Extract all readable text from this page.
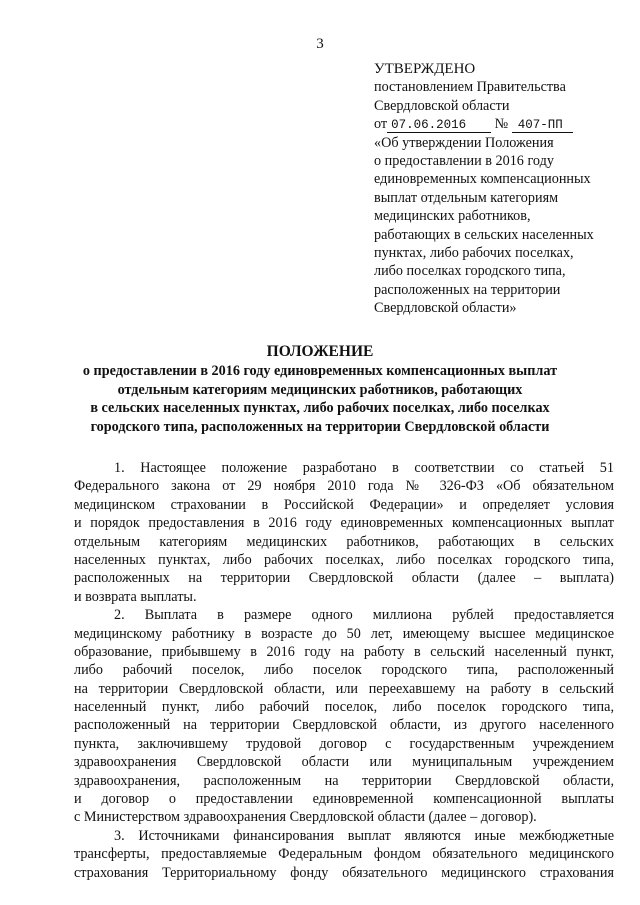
3
УТВЕРЖДЕНО
постановлением Правительства
Свердловской области
от 07.06.2016 № 407-ПП
«Об утверждении Положения
о предоставлении в 2016 году
единовременных компенсационных
выплат отдельным категориям
медицинских работников,
работающих в сельских населенных
пунктах, либо рабочих поселках,
либо поселках городского типа,
расположенных на территории
Свердловской области»
ПОЛОЖЕНИЕ
о предоставлении в 2016 году единовременных компенсационных выплат
отдельным категориям медицинских работников, работающих
в сельских населенных пунктах, либо рабочих поселках, либо поселках
городского типа, расположенных на территории Свердловской области
1. Настоящее положение разработано в соответствии со статьей 51
Федерального закона от 29 ноября 2010 года № 326-ФЗ «Об обязательном
медицинском страховании в Российской Федерации» и определяет условия
и порядок предоставления в 2016 году единовременных компенсационных выплат
отдельным категориям медицинских работников, работающих в сельских
населенных пунктах, либо рабочих поселках, либо поселках городского типа,
расположенных на территории Свердловской области (далее – выплата)
и возврата выплаты.
2. Выплата в размере одного миллиона рублей предоставляется
медицинскому работнику в возрасте до 50 лет, имеющему высшее медицинское
образование, прибывшему в 2016 году на работу в сельский населенный пункт,
либо рабочий поселок, либо поселок городского типа, расположенный
на территории Свердловской области, или переехавшему на работу в сельский
населенный пункт, либо рабочий поселок, либо поселок городского типа,
расположенный на территории Свердловской области, из другого населенного
пункта, заключившему трудовой договор с государственным учреждением
здравоохранения Свердловской области или муниципальным учреждением
здравоохранения, расположенным на территории Свердловской области,
и договор о предоставлении единовременной компенсационной выплаты
с Министерством здравоохранения Свердловской области (далее – договор).
3. Источниками финансирования выплат являются иные межбюджетные
трансферты, предоставляемые Федеральным фондом обязательного медицинского
страхования Территориальному фонду обязательного медицинского страхования
